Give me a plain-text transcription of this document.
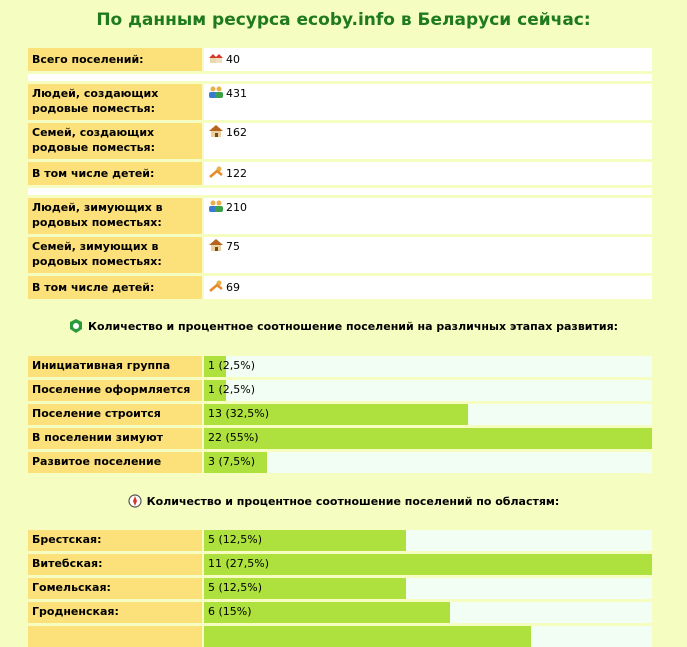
По данным ресурса ecoby.info в Беларуси сейчас:
Всего поселений:	40
Людей, создающих родовые поместья:
431
Семей, создающих родовые поместья:
162
В том числе детей:	122
Людей, зимующих в родовых поместьях:
210
Семей, зимующих в родовых поместьях:
75
В том числе детей:	69
Количество и процентное соотношение поселений на различных этапах развития:
Инициативная группа	1 (2,5%)
Поселение оформляется	1 (2,5%)
Поселение строится	13 (32,5%)
В поселении зимуют	22 (55%)
Развитое поселение	3 (7,5%)
Количество и процентное соотношение поселений по областям:
Брестская:	5 (12,5%)
Витебская:	11 (27,5%)
Гомельская:	5 (12,5%)
Гродненская:	6 (15%)
